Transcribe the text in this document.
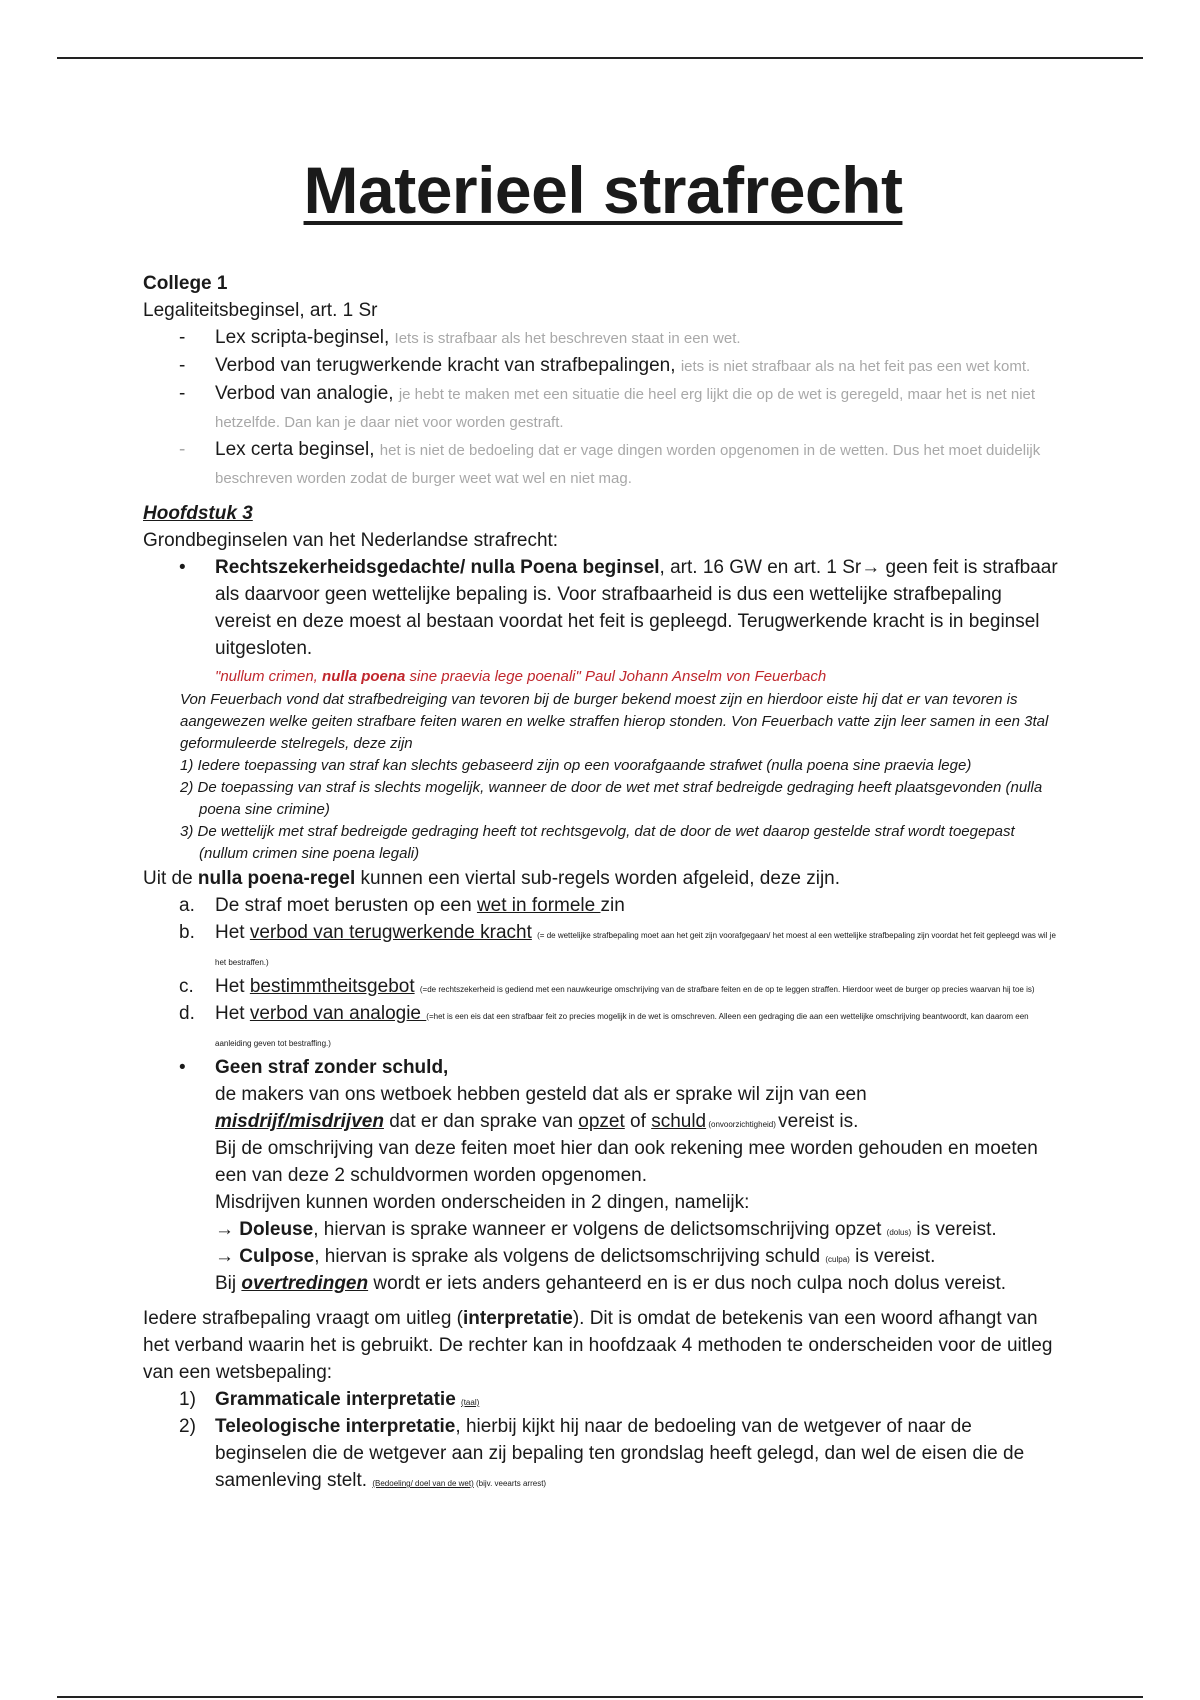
Materieel strafrecht

College 1

Legaliteitsbeginsel, art. 1 Sr

- Lex scripta-beginsel, Iets is strafbaar als het beschreven staat in een wet.
- Verbod van terugwerkende kracht van strafbepalingen, iets is niet strafbaar als na het feit pas een wet komt.
- Verbod van analogie, je hebt te maken met een situatie die heel erg lijkt die op de wet is geregeld, maar het is net niet hetzelfde. Dan kan je daar niet voor worden gestraft.
- Lex certa beginsel, het is niet de bedoeling dat er vage dingen worden opgenomen in de wetten. Dus het moet duidelijk beschreven worden zodat de burger weet wat wel en niet mag.

Hoofdstuk 3

Grondbeginselen van het Nederlandse strafrecht:

• Rechtszekerheidsgedachte/ nulla Poena beginsel, art. 16 GW en art. 1 Sr→ geen feit is strafbaar als daarvoor geen wettelijke bepaling is. Voor strafbaarheid is dus een wettelijke strafbepaling vereist en deze moest al bestaan voordat het feit is gepleegd. Terugwerkende kracht is in beginsel uitgesloten.
"nullum crimen, nulla poena sine praevia lege poenali" Paul Johann Anselm von Feuerbach

Von Feuerbach vond dat strafbedreiging van tevoren bij de burger bekend moest zijn en hierdoor eiste hij dat er van tevoren is aangewezen welke geiten strafbare feiten waren en welke straffen hierop stonden. Von Feuerbach vatte zijn leer samen in een 3tal geformuleerde stelregels, deze zijn

1) Iedere toepassing van straf kan slechts gebaseerd zijn op een voorafgaande strafwet (nulla poena sine praevia lege)

2) De toepassing van straf is slechts mogelijk, wanneer de door de wet met straf bedreigde gedraging heeft plaatsgevonden (nulla poena sine crimine)

3) De wettelijk met straf bedreigde gedraging heeft tot rechtsgevolg, dat de door de wet daarop gestelde straf wordt toegepast (nullum crimen sine poena legali)

Uit de nulla poena-regel kunnen een viertal sub-regels worden afgeleid, deze zijn.

a. De straf moet berusten op een wet in formele zin
b. Het verbod van terugwerkende kracht (= de wettelijke strafbepaling moet aan het geit zijn voorafgegaan/ het moest al een wettelijke strafbepaling zijn voordat het feit gepleegd was wil je het bestraffen.)
c. Het bestimmtheitsgebot (=de rechtszekerheid is gediend met een nauwkeurige omschrijving van de strafbare feiten en de op te leggen straffen. Hierdoor weet de burger op precies waarvan hij toe is)
d. Het verbod van analogie (=het is een eis dat een strafbaar feit zo precies mogelijk in de wet is omschreven. Alleen een gedraging die aan een wettelijke omschrijving beantwoordt, kan daarom een aanleiding geven tot bestraffing.)
• Geen straf zonder schuld,

de makers van ons wetboek hebben gesteld dat als er sprake wil zijn van een

misdrijf/misdrijven dat er dan sprake van opzet of schuld (onvoorzichtigheid) vereist is.

Bij de omschrijving van deze feiten moet hier dan ook rekening mee worden gehouden en moeten een van deze 2 schuldvormen worden opgenomen.

Misdrijven kunnen worden onderscheiden in 2 dingen, namelijk:

→ Doleuse, hiervan is sprake wanneer er volgens de delictsomschrijving opzet (dolus) is vereist.

→ Culpose, hiervan is sprake als volgens de delictsomschrijving schuld (culpa) is vereist.

Bij overtredingen wordt er iets anders gehanteerd en is er dus noch culpa noch dolus vereist.

Iedere strafbepaling vraagt om uitleg (interpretatie). Dit is omdat de betekenis van een woord afhangt van het verband waarin het is gebruikt. De rechter kan in hoofdzaak 4 methoden te onderscheiden voor de uitleg van een wetsbepaling:

1) Grammaticale interpretatie (taal)
2) Teleologische interpretatie, hierbij kijkt hij naar de bedoeling van de wetgever of naar de beginselen die de wetgever aan zij bepaling ten grondslag heeft gelegd, dan wel de eisen die de samenleving stelt. (Bedoeling/ doel van de wet) (bijv. veearts arrest)
